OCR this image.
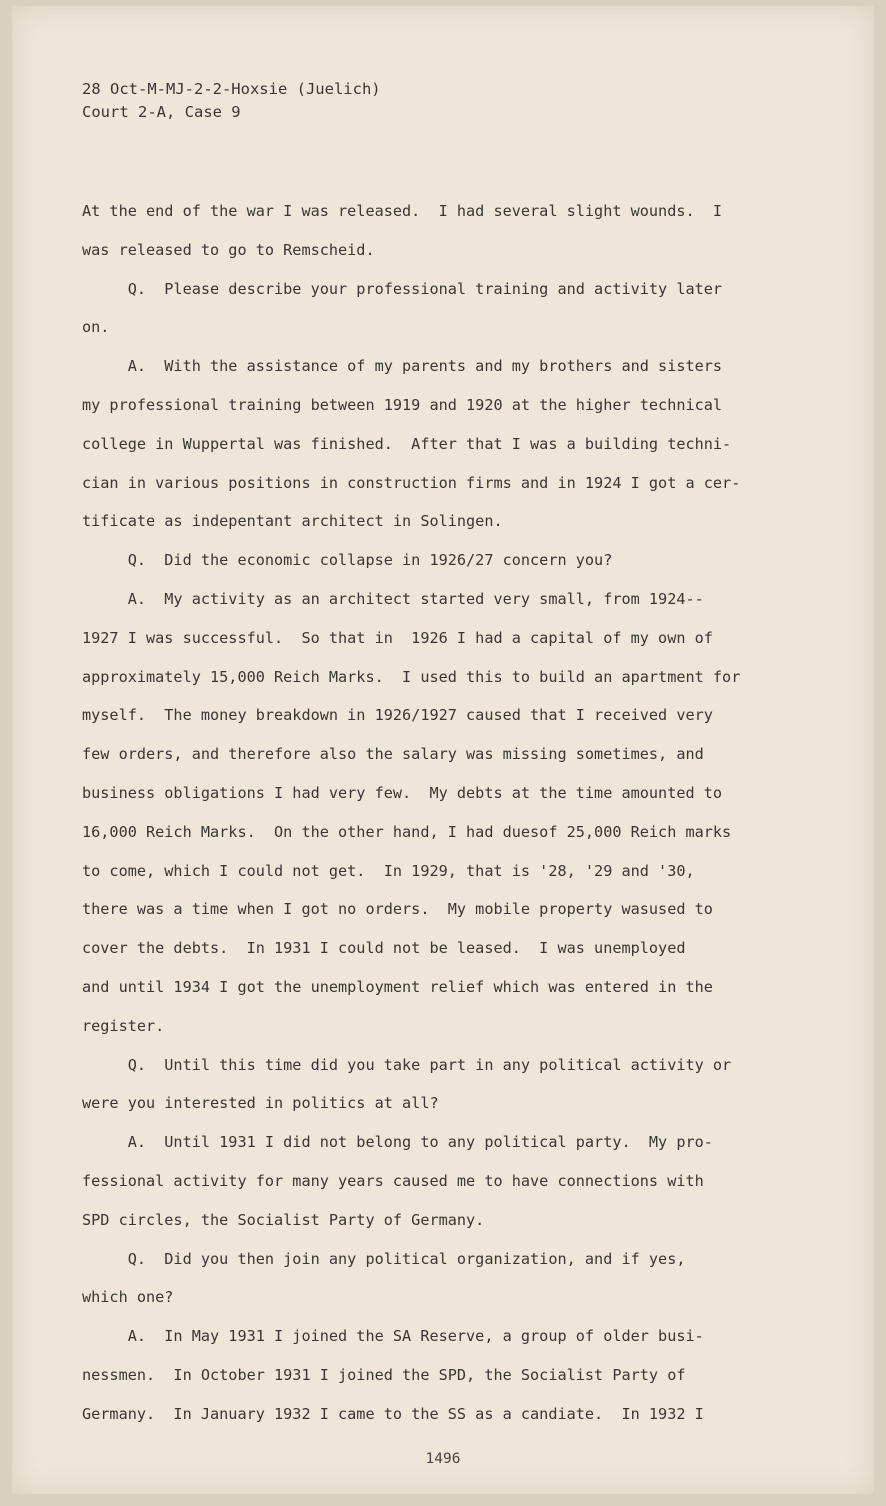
28 Oct-M-MJ-2-2-Hoxsie (Juelich)
Court 2-A, Case 9
At the end of the war I was released.  I had several slight wounds.  I
was released to go to Remscheid.
Q.  Please describe your professional training and activity later
on.
A.  With the assistance of my parents and my brothers and sisters
my professional training between 1919 and 1920 at the higher technical
college in Wuppertal was finished.  After that I was a building techni-
cian in various positions in construction firms and in 1924 I got a cer-
tificate as indepentant architect in Solingen.
Q.  Did the economic collapse in 1926/27 concern you?
A.  My activity as an architect started very small, from 1924--
1927 I was successful.  So that in  1926 I had a capital of my own of
approximately 15,000 Reich Marks.  I used this to build an apartment for
myself.  The money breakdown in 1926/1927 caused that I received very
few orders, and therefore also the salary was missing sometimes, and
business obligations I had very few.  My debts at the time amounted to
16,000 Reich Marks.  On the other hand, I had duesof 25,000 Reich marks
to come, which I could not get.  In 1929, that is '28, '29 and '30,
there was a time when I got no orders.  My mobile property wasused to
cover the debts.  In 1931 I could not be leased.  I was unemployed
and until 1934 I got the unemployment relief which was entered in the
register.
Q.  Until this time did you take part in any political activity or
were you interested in politics at all?
A.  Until 1931 I did not belong to any political party.  My pro-
fessional activity for many years caused me to have connections with
SPD circles, the Socialist Party of Germany.
Q.  Did you then join any political organization, and if yes,
which one?
A.  In May 1931 I joined the SA Reserve, a group of older busi-
nessmen.  In October 1931 I joined the SPD, the Socialist Party of
Germany.  In January 1932 I came to the SS as a candiate.  In 1932 I
1496
